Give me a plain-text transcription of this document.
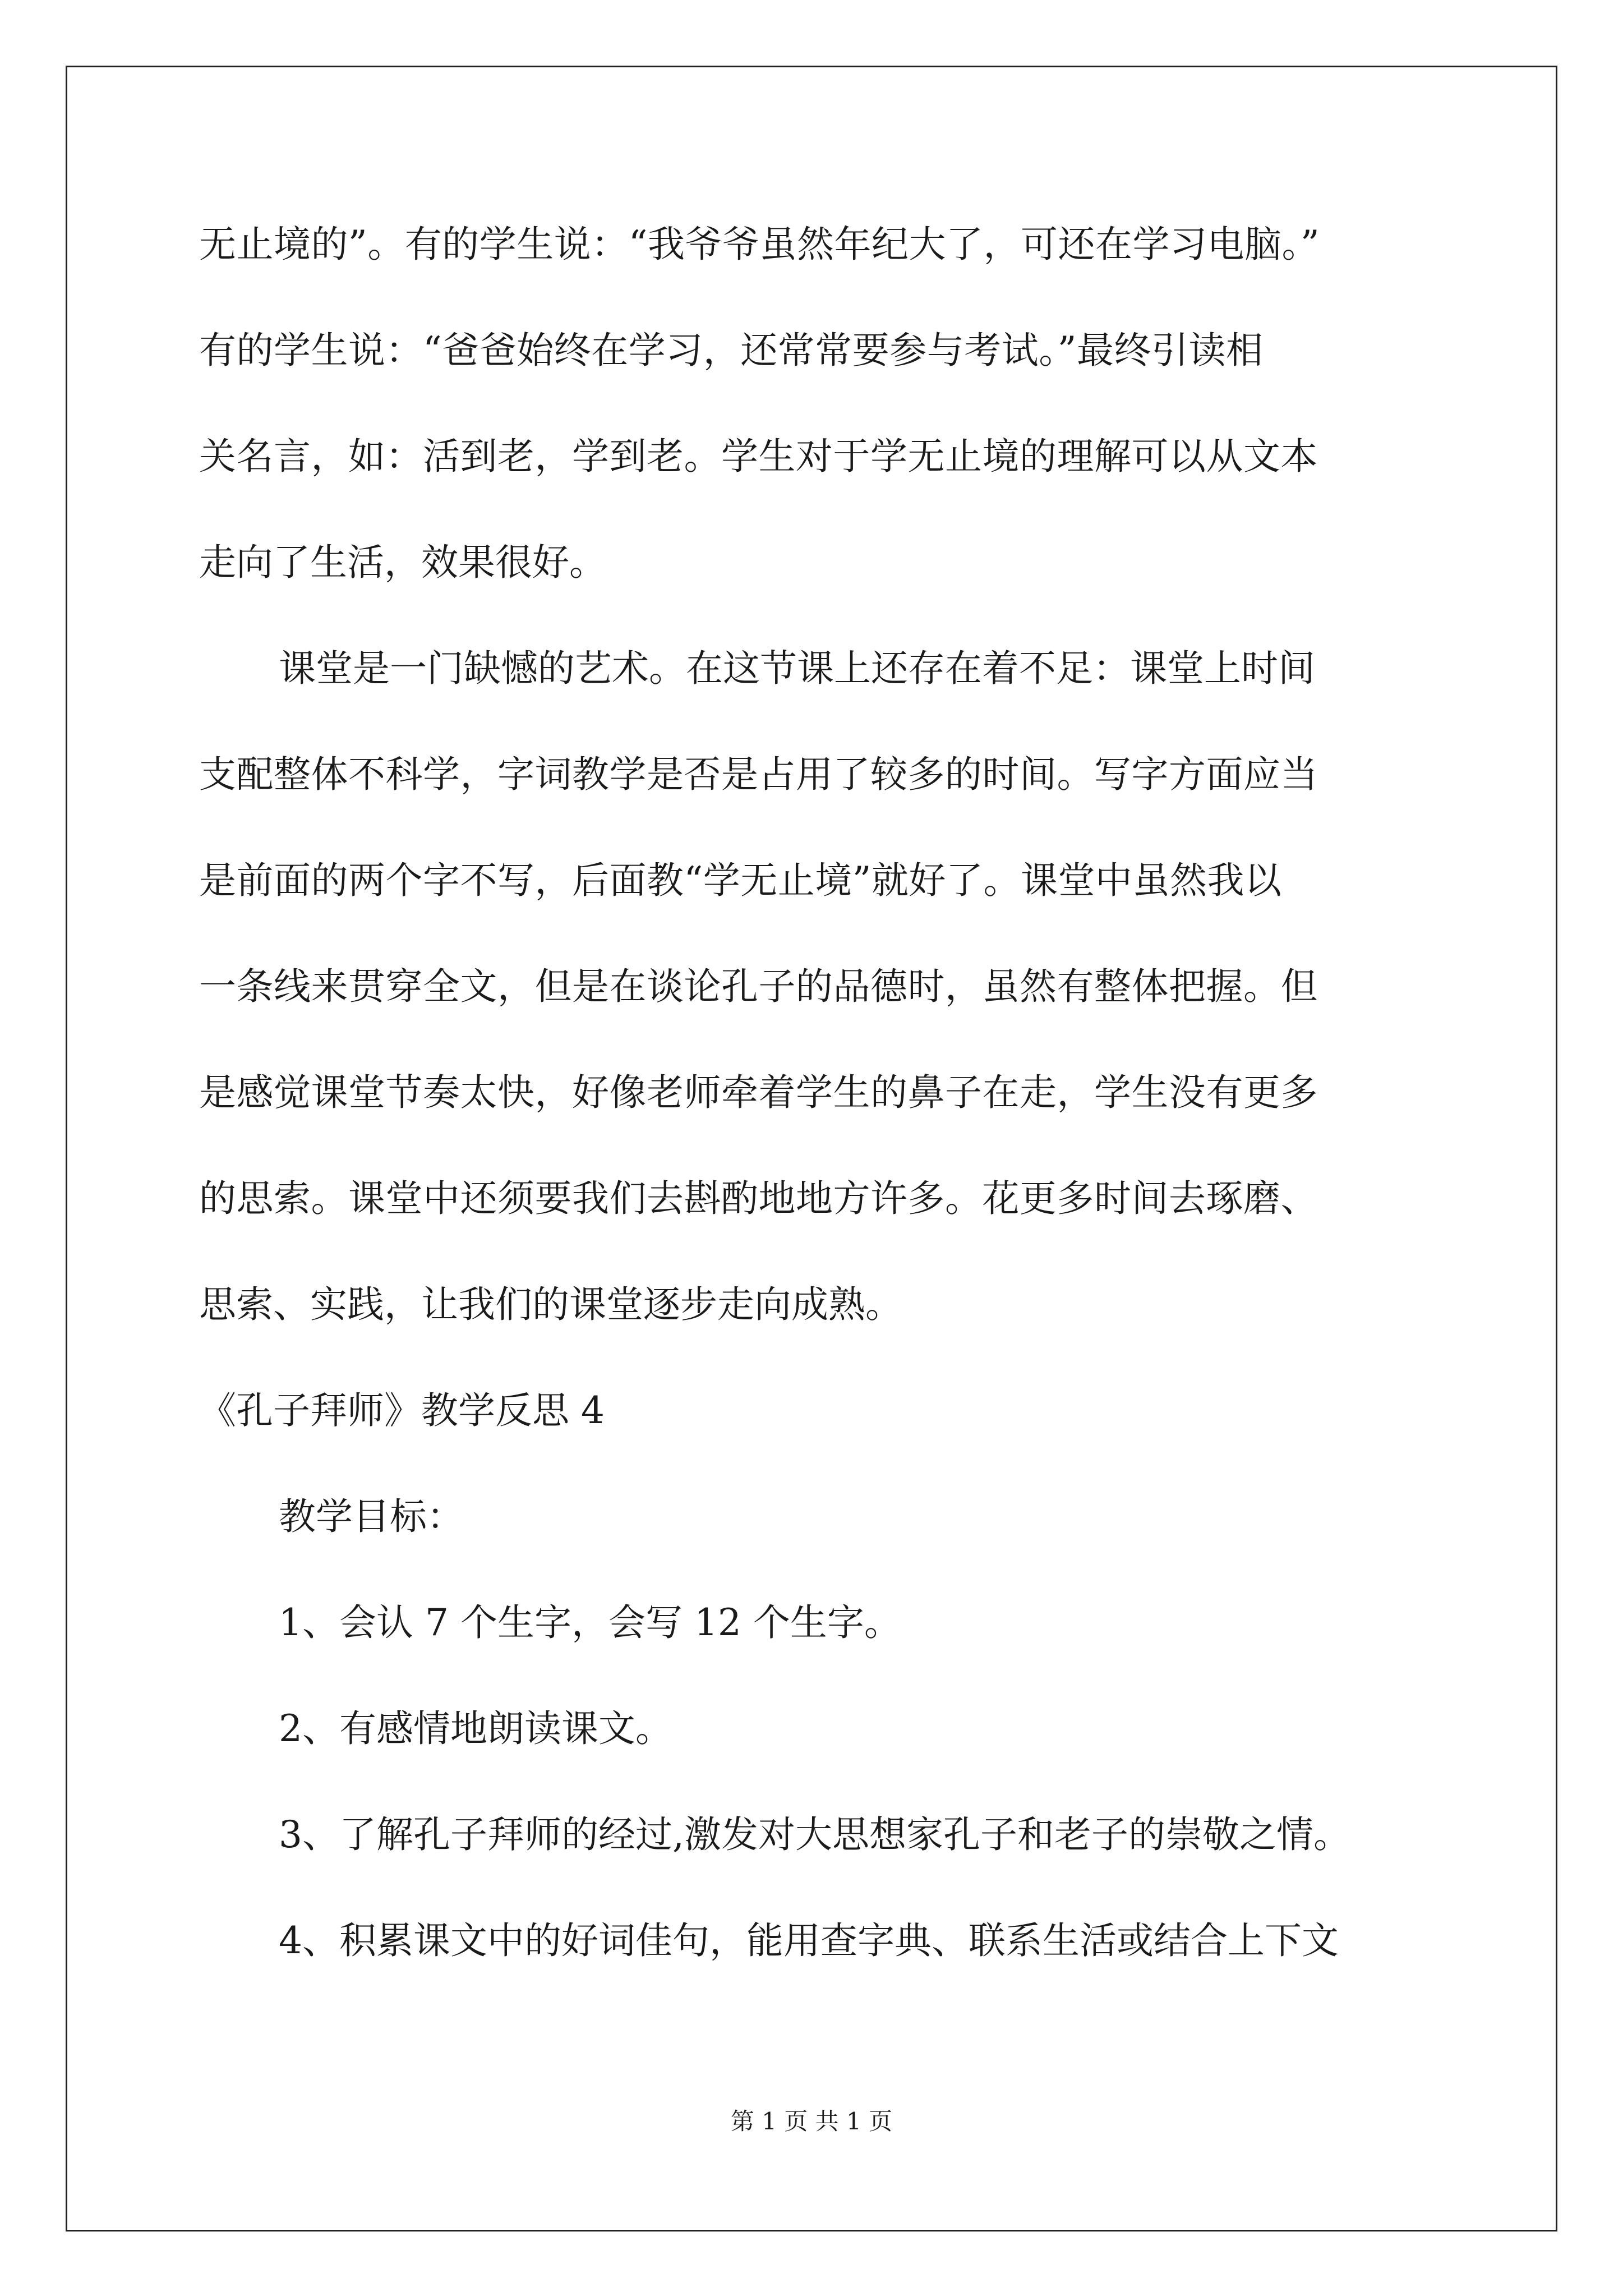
无止境的”。有的学生说：“我爷爷虽然年纪大了，可还在学习电脑。”
有的学生说：“爸爸始终在学习，还常常要参与考试。”最终引读相
关名言，如：活到老，学到老。学生对于学无止境的理解可以从文本
走向了生活，效果很好。
课堂是一门缺憾的艺术。在这节课上还存在着不足：课堂上时间
支配整体不科学，字词教学是否是占用了较多的时间。写字方面应当
是前面的两个字不写，后面教“学无止境”就好了。课堂中虽然我以
一条线来贯穿全文，但是在谈论孔子的品德时，虽然有整体把握。但
是感觉课堂节奏太快，好像老师牵着学生的鼻子在走，学生没有更多
的思索。课堂中还须要我们去斟酌地地方许多。花更多时间去琢磨、
思索、实践，让我们的课堂逐步走向成熟。
《孔子拜师》教学反思 4
教学目标：
1、会认 7 个生字，会写 12 个生字。
2、有感情地朗读课文。
3、了解孔子拜师的经过,激发对大思想家孔子和老子的崇敬之情。
4、积累课文中的好词佳句，能用查字典、联系生活或结合上下文
第 1 页 共 1 页
